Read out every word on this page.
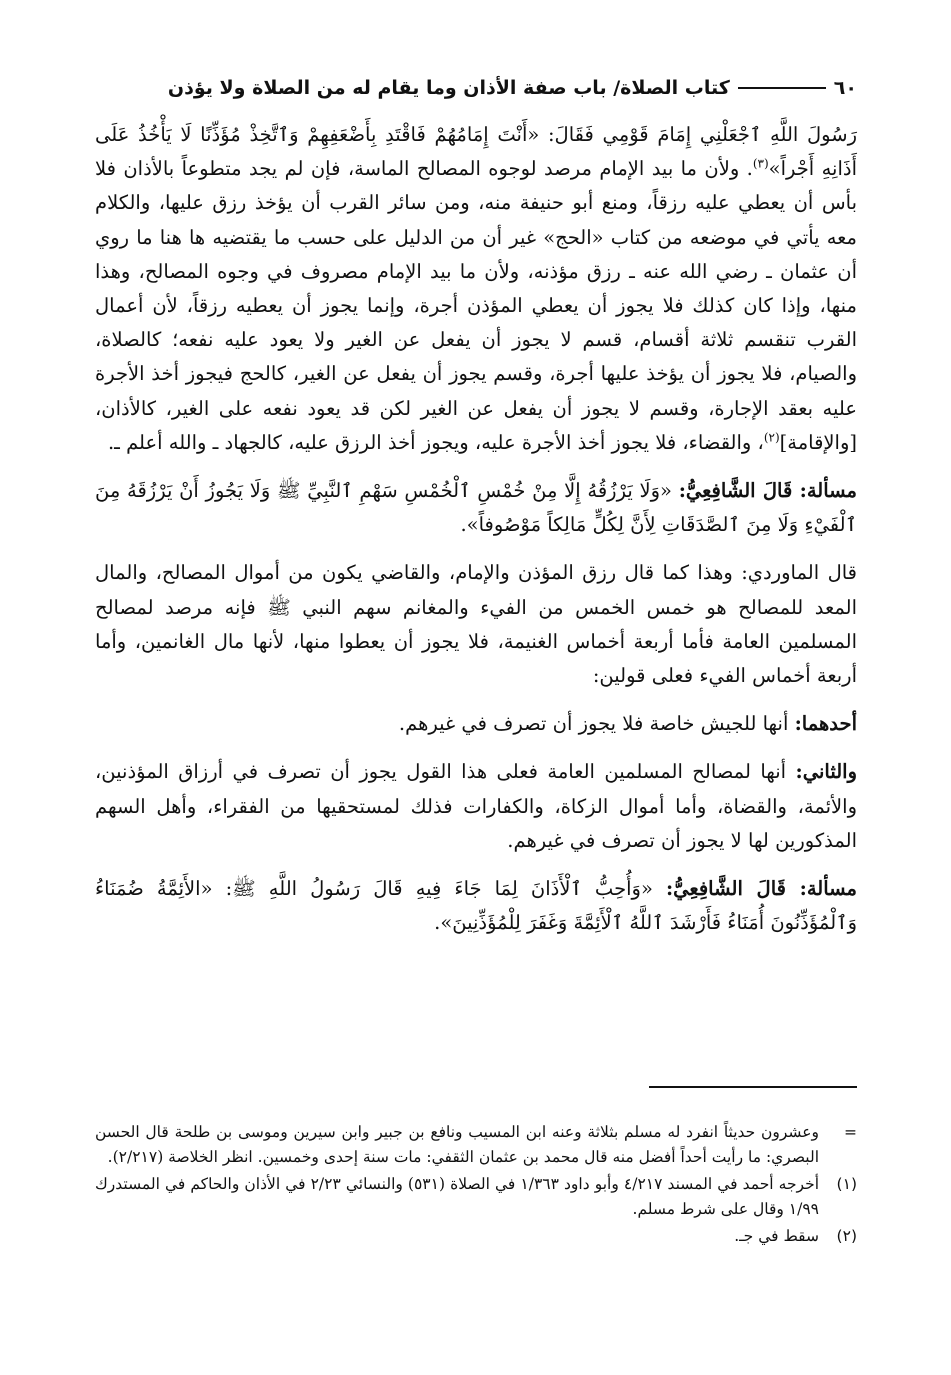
٦٠
كتاب الصلاة/ باب صفة الأذان وما يقام له من الصلاة ولا يؤذن

رَسُولَ اللَّهِ ٱجْعَلْنِي إِمَامَ قَوْمِي فَقَالَ: «أَنْتَ إِمَامُهُمْ فَاقْتَدِ بِأَضْعَفِهِمْ وَٱتَّخِذْ مُؤَذِّنًا لَا يَأْخُذُ عَلَى أَذَانِهِ أَجْراً»$^{(٣)}$. ولأن ما بيد الإمام مرصد لوجوه المصالح الماسة، فإن لم يجد متطوعاً بالأذان فلا بأس أن يعطي عليه رزقاً، ومنع أبو حنيفة منه، ومن سائر القرب أن يؤخذ رزق عليها، والكلام معه يأتي في موضعه من كتاب «الحج» غير أن من الدليل على حسب ما يقتضيه ها هنا ما روي أن عثمان ـ رضي الله عنه ـ رزق مؤذنه، ولأن ما بيد الإمام مصروف في وجوه المصالح، وهذا منها، وإذا كان كذلك فلا يجوز أن يعطي المؤذن أجرة، وإنما يجوز أن يعطيه رزقاً، لأن أعمال القرب تنقسم ثلاثة أقسام، قسم لا يجوز أن يفعل عن الغير ولا يعود عليه نفعه؛ كالصلاة، والصيام، فلا يجوز أن يؤخذ عليها أجرة، وقسم يجوز أن يفعل عن الغير، كالحج فيجوز أخذ الأجرة عليه بعقد الإجارة، وقسم لا يجوز أن يفعل عن الغير لكن قد يعود نفعه على الغير، كالأذان، [والإقامة]$^{(٢)}$، والقضاء، فلا يجوز أخذ الأجرة عليه، ويجوز أخذ الرزق عليه، كالجهاد ـ والله أعلم ـ.

مسألة: قَالَ الشَّافِعِيُّ: «وَلَا يَرْزُقُهُ إِلَّا مِنْ خُمْسِ ٱلْخُمْسِ سَهْمِ ٱلنَّبِيِّ ﷺ وَلَا يَجُوزُ أَنْ يَرْزُقَهُ مِنَ ٱلْفَيْءِ وَلَا مِنَ ٱلصَّدَقَاتِ لِأَنَّ لِكُلٍّ مَالِكاً مَوْصُوفاً».

قال الماوردي: وهذا كما قال رزق المؤذن والإمام، والقاضي يكون من أموال المصالح، والمال المعد للمصالح هو خمس الخمس من الفيء والمغانم سهم النبي ﷺ فإنه مرصد لمصالح المسلمين العامة فأما أربعة أخماس الغنيمة، فلا يجوز أن يعطوا منها، لأنها مال الغانمين، وأما أربعة أخماس الفيء فعلى قولين:

أحدهما: أنها للجيش خاصة فلا يجوز أن تصرف في غيرهم.

والثاني: أنها لمصالح المسلمين العامة فعلى هذا القول يجوز أن تصرف في أرزاق المؤذنين، والأئمة، والقضاة، وأما أموال الزكاة، والكفارات فذلك لمستحقيها من الفقراء، وأهل السهم المذكورين لها لا يجوز أن تصرف في غيرهم.

مسألة: قَالَ الشَّافِعِيُّ: «وَأُحِبُّ ٱلْأَذَانَ لِمَا جَاءَ فِيهِ قَالَ رَسُولُ اللَّهِ ﷺ: «الأَئِمَّةُ ضُمَنَاءُ وَٱلْمُؤَذِّنُونَ أُمَنَاءُ فَأَرْشَدَ ٱللَّهُ ٱلْأَئِمَّةَ وَغَفَرَ لِلْمُؤَذِّنِينَ».

=
وعشرون حديثاً انفرد له مسلم بثلاثة وعنه ابن المسيب ونافع بن جبير وابن سيرين وموسى بن طلحة قال الحسن البصري: ما رأيت أحداً أفضل منه قال محمد بن عثمان الثقفي: مات سنة إحدى وخمسين. انظر الخلاصة (٢/٢١٧).
(١)
أخرجه أحمد في المسند ٤/٢١٧ وأبو داود ١/٣٦٣ في الصلاة (٥٣١) والنسائي ٢/٢٣ في الأذان والحاكم في المستدرك ١/٩٩ وقال على شرط مسلم.
(٢)
سقط في جـ.
